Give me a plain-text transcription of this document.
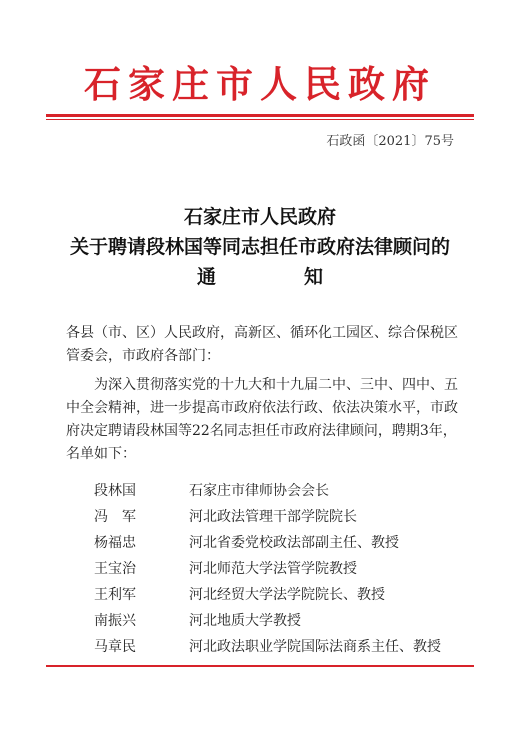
石家庄市人民政府
石政函〔2021〕75号
石家庄市人民政府
关于聘请段林国等同志担任市政府法律顾问的
通	知
各县（市、区）人民政府，高新区、循环化工园区、综合保税区管委会，市政府各部门：
为深入贯彻落实党的十九大和十九届二中、三中、四中、五中全会精神，进一步提高市政府依法行政、依法决策水平，市政府决定聘请段林国等22名同志担任市政府法律顾问，聘期3年，名单如下：
段林国	石家庄市律师协会会长
冯　军	河北政法管理干部学院院长
杨福忠	河北省委党校政法部副主任、教授
王宝治	河北师范大学法管学院教授
王利军	河北经贸大学法学院院长、教授
南振兴	河北地质大学教授
马章民	河北政法职业学院国际法商系主任、教授
